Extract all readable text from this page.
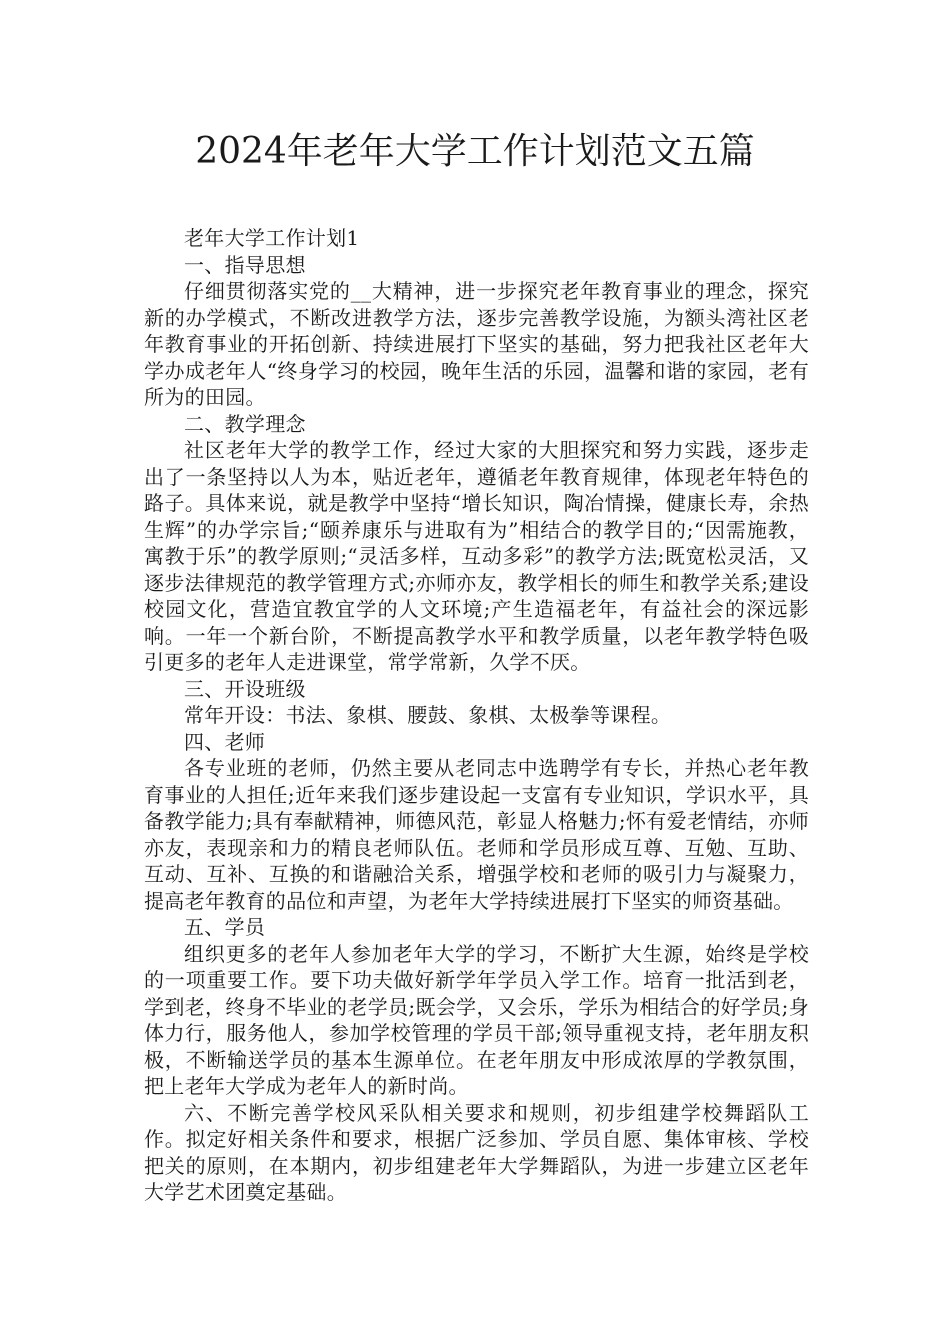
2024年老年大学工作计划范文五篇

老年大学工作计划1

一、指导思想

仔细贯彻落实党的__大精神，进一步探究老年教育事业的理念，探究新的办学模式，不断改进教学方法，逐步完善教学设施，为额头湾社区老年教育事业的开拓创新、持续进展打下坚实的基础，努力把我社区老年大学办成老年人“终身学习的校园，晚年生活的乐园，温馨和谐的家园，老有所为的田园。

二、教学理念

社区老年大学的教学工作，经过大家的大胆探究和努力实践，逐步走出了一条坚持以人为本，贴近老年，遵循老年教育规律，体现老年特色的路子。具体来说，就是教学中坚持“增长知识，陶冶情操，健康长寿，余热生辉”的办学宗旨;“颐养康乐与进取有为”相结合的教学目的;“因需施教，寓教于乐”的教学原则;“灵活多样，互动多彩”的教学方法;既宽松灵活，又逐步法律规范的教学管理方式;亦师亦友，教学相长的师生和教学关系;建设校园文化，营造宜教宜学的人文环境;产生造福老年，有益社会的深远影响。一年一个新台阶，不断提高教学水平和教学质量，以老年教学特色吸引更多的老年人走进课堂，常学常新，久学不厌。

三、开设班级

常年开设：书法、象棋、腰鼓、象棋、太极拳等课程。

四、老师

各专业班的老师，仍然主要从老同志中选聘学有专长，并热心老年教育事业的人担任;近年来我们逐步建设起一支富有专业知识，学识水平，具备教学能力;具有奉献精神，师德风范，彰显人格魅力;怀有爱老情结，亦师亦友，表现亲和力的精良老师队伍。老师和学员形成互尊、互勉、互助、互动、互补、互换的和谐融洽关系，增强学校和老师的吸引力与凝聚力，提高老年教育的品位和声望，为老年大学持续进展打下坚实的师资基础。

五、学员

组织更多的老年人参加老年大学的学习，不断扩大生源，始终是学校的一项重要工作。要下功夫做好新学年学员入学工作。培育一批活到老，学到老，终身不毕业的老学员;既会学，又会乐，学乐为相结合的好学员;身体力行，服务他人，参加学校管理的学员干部;领导重视支持，老年朋友积极，不断输送学员的基本生源单位。在老年朋友中形成浓厚的学教氛围，把上老年大学成为老年人的新时尚。

六、不断完善学校风采队相关要求和规则，初步组建学校舞蹈队工作。拟定好相关条件和要求，根据广泛参加、学员自愿、集体审核、学校把关的原则，在本期内，初步组建老年大学舞蹈队，为进一步建立区老年大学艺术团奠定基础。
